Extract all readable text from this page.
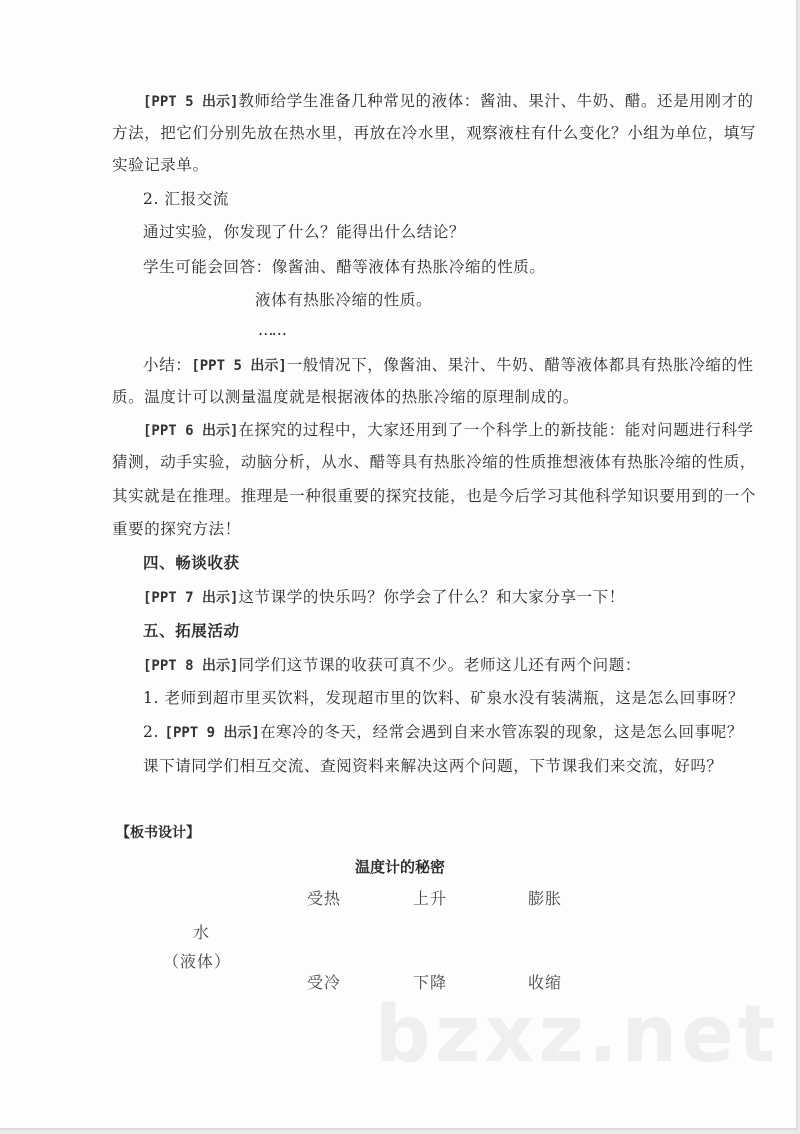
[PPT 5 出示]教师给学生准备几种常见的液体：酱油、果汁、牛奶、醋。还是用刚才的
方法，把它们分别先放在热水里，再放在冷水里，观察液柱有什么变化？小组为单位，填写
实验记录单。
2. 汇报交流
通过实验，你发现了什么？能得出什么结论？
学生可能会回答：像酱油、醋等液体有热胀冷缩的性质。
液体有热胀冷缩的性质。
……
小结：[PPT 5 出示]一般情况下，像酱油、果汁、牛奶、醋等液体都具有热胀冷缩的性
质。温度计可以测量温度就是根据液体的热胀冷缩的原理制成的。
[PPT 6 出示]在探究的过程中，大家还用到了一个科学上的新技能：能对问题进行科学
猜测，动手实验，动脑分析，从水、醋等具有热胀冷缩的性质推想液体有热胀冷缩的性质，
其实就是在推理。推理是一种很重要的探究技能，也是今后学习其他科学知识要用到的一个
重要的探究方法！
四、畅谈收获
[PPT 7 出示]这节课学的快乐吗？你学会了什么？和大家分享一下！
五、拓展活动
[PPT 8 出示]同学们这节课的收获可真不少。老师这儿还有两个问题：
1. 老师到超市里买饮料，发现超市里的饮料、矿泉水没有装满瓶，这是怎么回事呀？
2. [PPT 9 出示]在寒冷的冬天，经常会遇到自来水管冻裂的现象，这是怎么回事呢？
课下请同学们相互交流、查阅资料来解决这两个问题，下节课我们来交流，好吗？
【板书设计】
温度计的秘密
受热	上升	膨胀
水
（液体）
受冷	下降	收缩
bzxz.net
